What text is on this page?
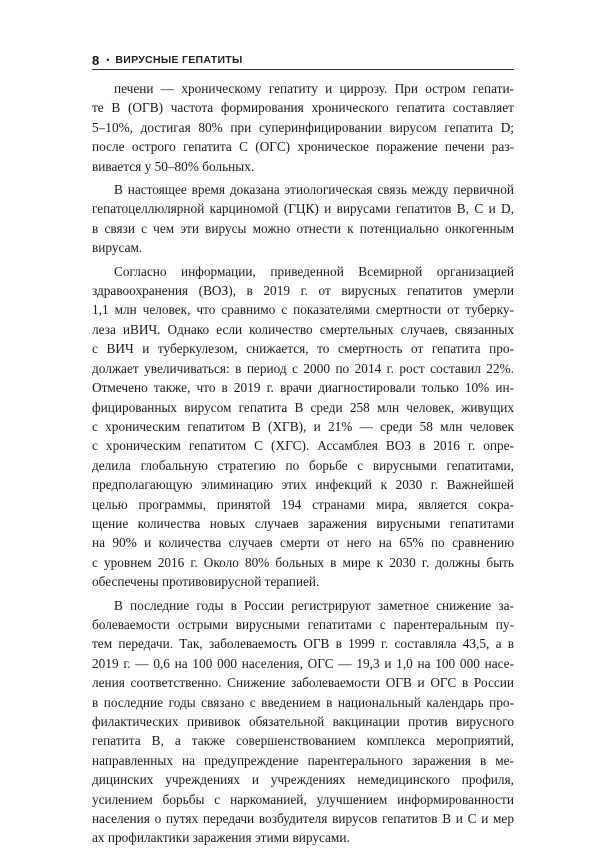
8 • ВИРУСНЫЕ ГЕПАТИТЫ

печени — хроническому гепатиту и циррозу. При остром гепати-
те В (ОГВ) частота формирования хронического гепатита составляет
5–10%, достигая 80% при суперинфицировании вирусом гепатита D;
после острого гепатита С (ОГС) хроническое поражение печени раз-
вивается у 50–80% больных.

В настоящее время доказана этиологическая связь между первичной
гепатоцеллюлярной карциномой (ГЦК) и вирусами гепатитов В, С и D,
в связи с чем эти вирусы можно отнести к потенциально онкогенным
вирусам.

Согласно информации, приведенной Всемирной организацией
здравоохранения (ВОЗ), в 2019 г. от вирусных гепатитов умерли
1,1 млн человек, что сравнимо с показателями смертности от туберку-
леза иВИЧ. Однако если количество смертельных случаев, связанных
с ВИЧ и туберкулезом, снижается, то смертность от гепатита про-
должает увеличиваться: в период с 2000 по 2014 г. рост составил 22%.
Отмечено также, что в 2019 г. врачи диагностировали только 10% ин-
фицированных вирусом гепатита В среди 258 млн человек, живущих
с хроническим гепатитом В (ХГВ), и 21% — среди 58 млн человек
с хроническим гепатитом С (ХГС). Ассамблея ВОЗ в 2016 г. опре-
делила глобальную стратегию по борьбе с вирусными гепатитами,
предполагающую элиминацию этих инфекций к 2030 г. Важнейшей
целью программы, принятой 194 странами мира, является сокра-
щение количества новых случаев заражения вирусными гепатитами
на 90% и количества случаев смерти от него на 65% по сравнению
с уровнем 2016 г. Около 80% больных в мире к 2030 г. должны быть
обеспечены противовирусной терапией.

В последние годы в России регистрируют заметное снижение за-
болеваемости острыми вирусными гепатитами с парентеральным пу-
тем передачи. Так, заболеваемость ОГВ в 1999 г. составляла 43,5, а в
2019 г. — 0,6 на 100 000 населения, ОГС — 19,3 и 1,0 на 100 000 насе-
ления соответственно. Снижение заболеваемости ОГВ и ОГС в России
в последние годы связано с введением в национальный календарь про-
филактических прививок обязательной вакцинации против вирусного
гепатита В, а также совершенствованием комплекса мероприятий,
направленных на предупреждение парентерального заражения в ме-
дицинских учреждениях и учреждениях немедицинского профиля,
усилением борьбы с наркоманией, улучшением информированности
населения о путях передачи возбудителя вирусов гепатитов В и С и мер
ах профилактики заражения этими вирусами.
